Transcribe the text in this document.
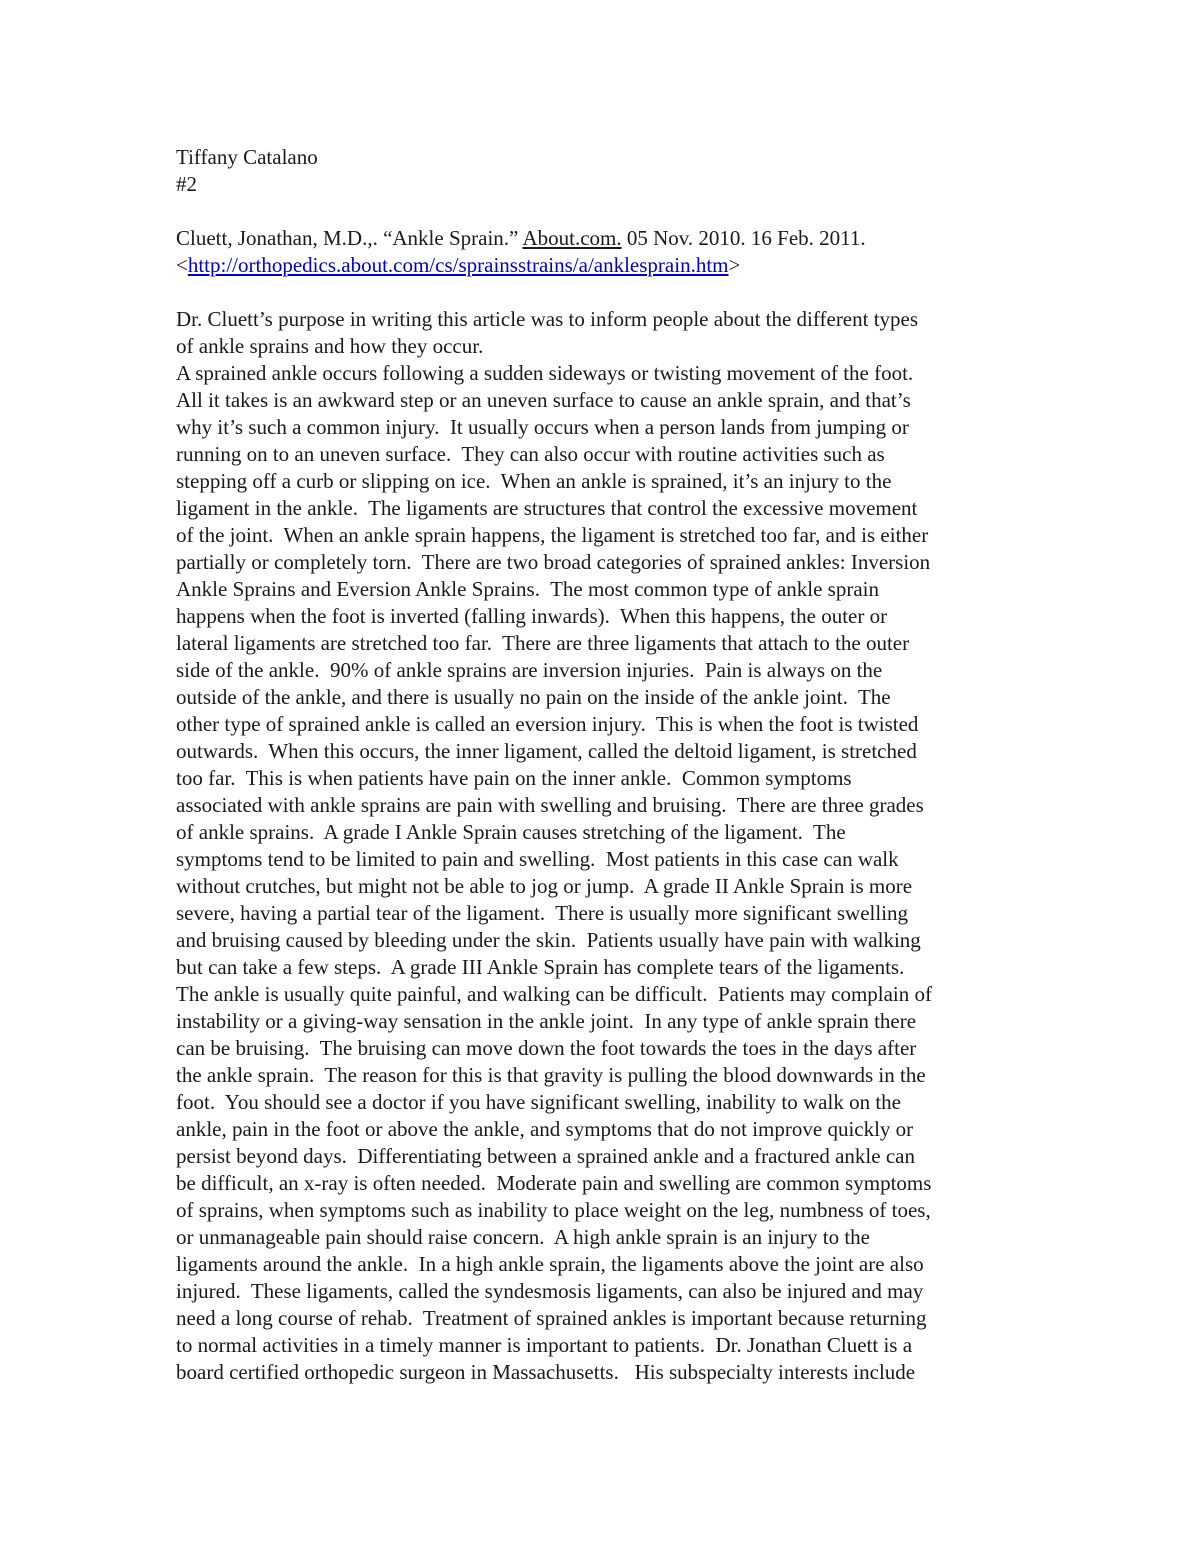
Tiffany Catalano
#2
Cluett, Jonathan, M.D.,. “Ankle Sprain.” About.com. 05 Nov. 2010. 16 Feb. 2011.
<http://orthopedics.about.com/cs/sprainsstrains/a/anklesprain.htm>
Dr. Cluett’s purpose in writing this article was to inform people about the different types
of ankle sprains and how they occur.
A sprained ankle occurs following a sudden sideways or twisting movement of the foot.
All it takes is an awkward step or an uneven surface to cause an ankle sprain, and that’s
why it’s such a common injury.  It usually occurs when a person lands from jumping or
running on to an uneven surface.  They can also occur with routine activities such as
stepping off a curb or slipping on ice.  When an ankle is sprained, it’s an injury to the
ligament in the ankle.  The ligaments are structures that control the excessive movement
of the joint.  When an ankle sprain happens, the ligament is stretched too far, and is either
partially or completely torn.  There are two broad categories of sprained ankles: Inversion
Ankle Sprains and Eversion Ankle Sprains.  The most common type of ankle sprain
happens when the foot is inverted (falling inwards).  When this happens, the outer or
lateral ligaments are stretched too far.  There are three ligaments that attach to the outer
side of the ankle.  90% of ankle sprains are inversion injuries.  Pain is always on the
outside of the ankle, and there is usually no pain on the inside of the ankle joint.  The
other type of sprained ankle is called an eversion injury.  This is when the foot is twisted
outwards.  When this occurs, the inner ligament, called the deltoid ligament, is stretched
too far.  This is when patients have pain on the inner ankle.  Common symptoms
associated with ankle sprains are pain with swelling and bruising.  There are three grades
of ankle sprains.  A grade I Ankle Sprain causes stretching of the ligament.  The
symptoms tend to be limited to pain and swelling.  Most patients in this case can walk
without crutches, but might not be able to jog or jump.  A grade II Ankle Sprain is more
severe, having a partial tear of the ligament.  There is usually more significant swelling
and bruising caused by bleeding under the skin.  Patients usually have pain with walking
but can take a few steps.  A grade III Ankle Sprain has complete tears of the ligaments.
The ankle is usually quite painful, and walking can be difficult.  Patients may complain of
instability or a giving-way sensation in the ankle joint.  In any type of ankle sprain there
can be bruising.  The bruising can move down the foot towards the toes in the days after
the ankle sprain.  The reason for this is that gravity is pulling the blood downwards in the
foot.  You should see a doctor if you have significant swelling, inability to walk on the
ankle, pain in the foot or above the ankle, and symptoms that do not improve quickly or
persist beyond days.  Differentiating between a sprained ankle and a fractured ankle can
be difficult, an x-ray is often needed.  Moderate pain and swelling are common symptoms
of sprains, when symptoms such as inability to place weight on the leg, numbness of toes,
or unmanageable pain should raise concern.  A high ankle sprain is an injury to the
ligaments around the ankle.  In a high ankle sprain, the ligaments above the joint are also
injured.  These ligaments, called the syndesmosis ligaments, can also be injured and may
need a long course of rehab.  Treatment of sprained ankles is important because returning
to normal activities in a timely manner is important to patients.  Dr. Jonathan Cluett is a
board certified orthopedic surgeon in Massachusetts.   His subspecialty interests include
